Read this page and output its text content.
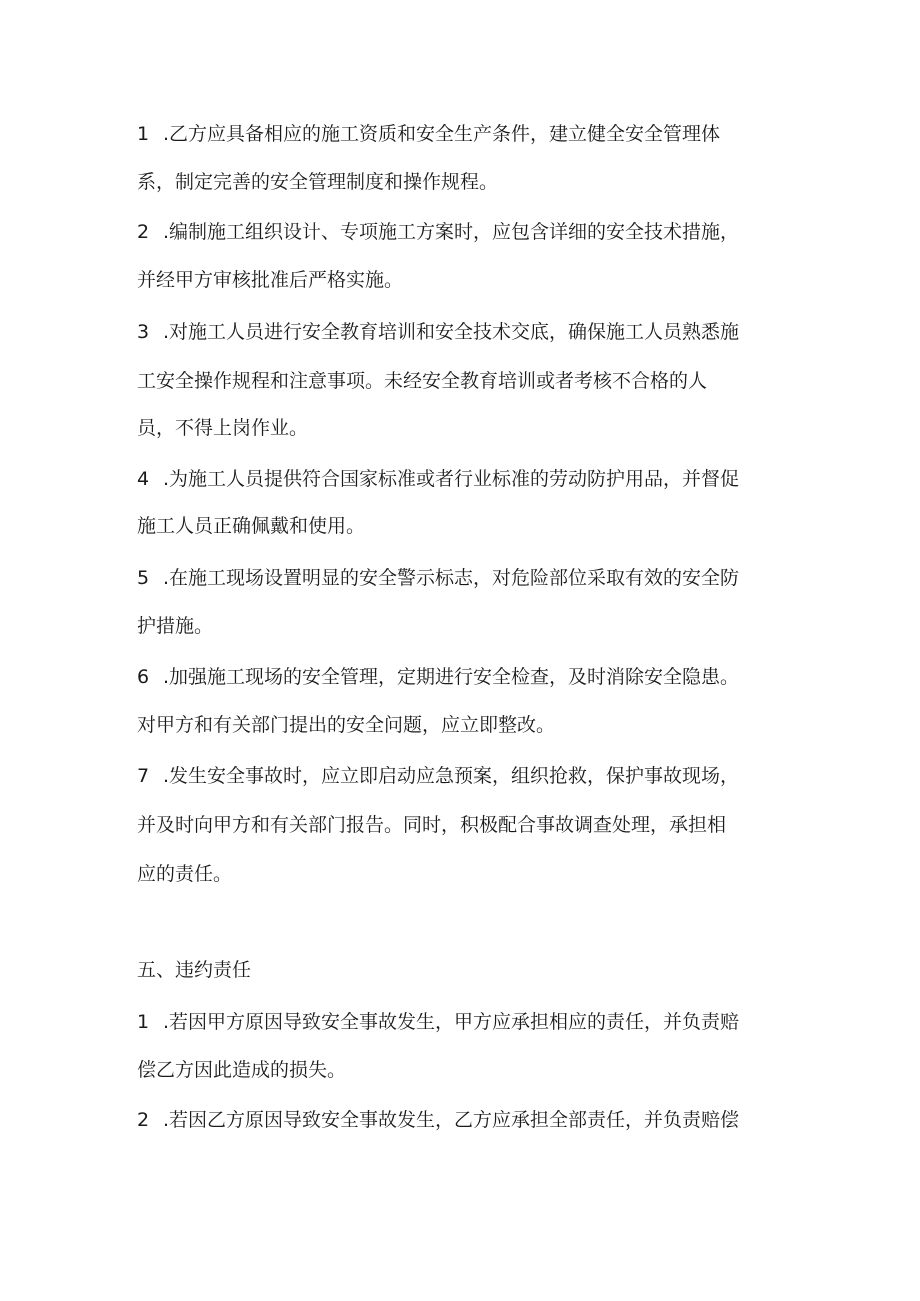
1 .乙方应具备相应的施工资质和安全生产条件，建立健全安全管理体

系，制定完善的安全管理制度和操作规程。

2 .编制施工组织设计、专项施工方案时，应包含详细的安全技术措施，

并经甲方审核批准后严格实施。

3 .对施工人员进行安全教育培训和安全技术交底，确保施工人员熟悉施

工安全操作规程和注意事项。未经安全教育培训或者考核不合格的人

员，不得上岗作业。

4 .为施工人员提供符合国家标准或者行业标准的劳动防护用品，并督促

施工人员正确佩戴和使用。

5 .在施工现场设置明显的安全警示标志，对危险部位采取有效的安全防

护措施。

6 .加强施工现场的安全管理，定期进行安全检查，及时消除安全隐患。

对甲方和有关部门提出的安全问题，应立即整改。

7 .发生安全事故时，应立即启动应急预案，组织抢救，保护事故现场，

并及时向甲方和有关部门报告。同时，积极配合事故调查处理，承担相

应的责任。

五、违约责任

1 .若因甲方原因导致安全事故发生，甲方应承担相应的责任，并负责赔

偿乙方因此造成的损失。

2 .若因乙方原因导致安全事故发生，乙方应承担全部责任，并负责赔偿
